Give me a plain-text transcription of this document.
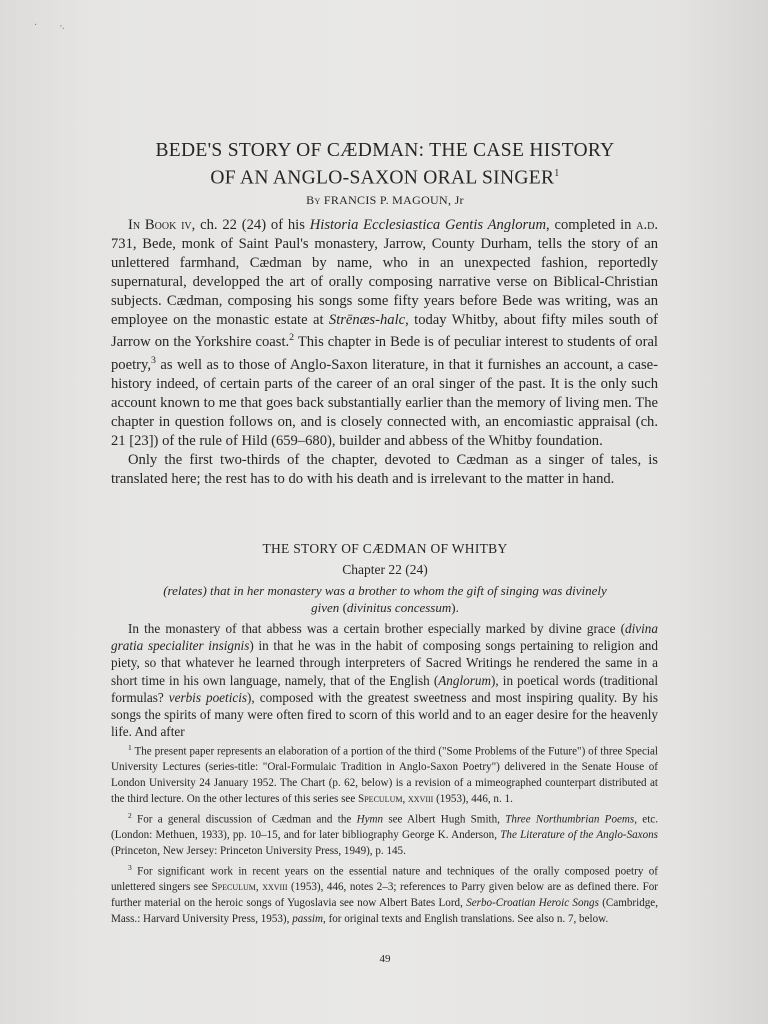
· '·
BEDE'S STORY OF CÆDMAN: THE CASE HISTORY
OF AN ANGLO-SAXON ORAL SINGER$^1$
By FRANCIS P. MAGOUN, Jr

In Book iv, ch. 22 (24) of his Historia Ecclesiastica Gentis Anglorum, completed in a.d. 731, Bede, monk of Saint Paul's monastery, Jarrow, County Durham, tells the story of an unlettered farmhand, Cædman by name, who in an unexpected fashion, reportedly supernatural, developped the art of orally composing narrative verse on Biblical-Christian subjects. Cædman, composing his songs some fifty years before Bede was writing, was an employee on the monastic estate at Strēnæs-halc, today Whitby, about fifty miles south of Jarrow on the Yorkshire coast.$^2$ This chapter in Bede is of peculiar interest to students of oral poetry,$^3$ as well as to those of Anglo-Saxon literature, in that it furnishes an account, a case-history indeed, of certain parts of the career of an oral singer of the past. It is the only such account known to me that goes back substantially earlier than the memory of living men. The chapter in question follows on, and is closely connected with, an encomiastic appraisal (ch. 21 [23]) of the rule of Hild (659–680), builder and abbess of the Whitby foundation.

Only the first two-thirds of the chapter, devoted to Cædman as a singer of tales, is translated here; the rest has to do with his death and is irrelevant to the matter in hand.

THE STORY OF CÆDMAN OF WHITBY
Chapter 22 (24)
(relates) that in her monastery was a brother to whom the gift of singing was divinely given (divinitus concessum).

In the monastery of that abbess was a certain brother especially marked by divine grace (divina gratia specialiter insignis) in that he was in the habit of composing songs pertaining to religion and piety, so that whatever he learned through interpreters of Sacred Writings he rendered the same in a short time in his own language, namely, that of the English (Anglorum), in poetical words (traditional formulas? verbis poeticis), composed with the greatest sweetness and most inspiring quality. By his songs the spirits of many were often fired to scorn of this world and to an eager desire for the heavenly life. And after

$^1$ The present paper represents an elaboration of a portion of the third ("Some Problems of the Future") of three Special University Lectures (series-title: "Oral-Formulaic Tradition in Anglo-Saxon Poetry") delivered in the Senate House of London University 24 January 1952. The Chart (p. 62, below) is a revision of a mimeographed counterpart distributed at the third lecture. On the other lectures of this series see Speculum, xxviii (1953), 446, n. 1.

$^2$ For a general discussion of Cædman and the Hymn see Albert Hugh Smith, Three Northumbrian Poems, etc. (London: Methuen, 1933), pp. 10–15, and for later bibliography George K. Anderson, The Literature of the Anglo-Saxons (Princeton, New Jersey: Princeton University Press, 1949), p. 145.

$^3$ For significant work in recent years on the essential nature and techniques of the orally composed poetry of unlettered singers see Speculum, xxviii (1953), 446, notes 2–3; references to Parry given below are as defined there. For further material on the heroic songs of Yugoslavia see now Albert Bates Lord, Serbo-Croatian Heroic Songs (Cambridge, Mass.: Harvard University Press, 1953), passim, for original texts and English translations. See also n. 7, below.

49
